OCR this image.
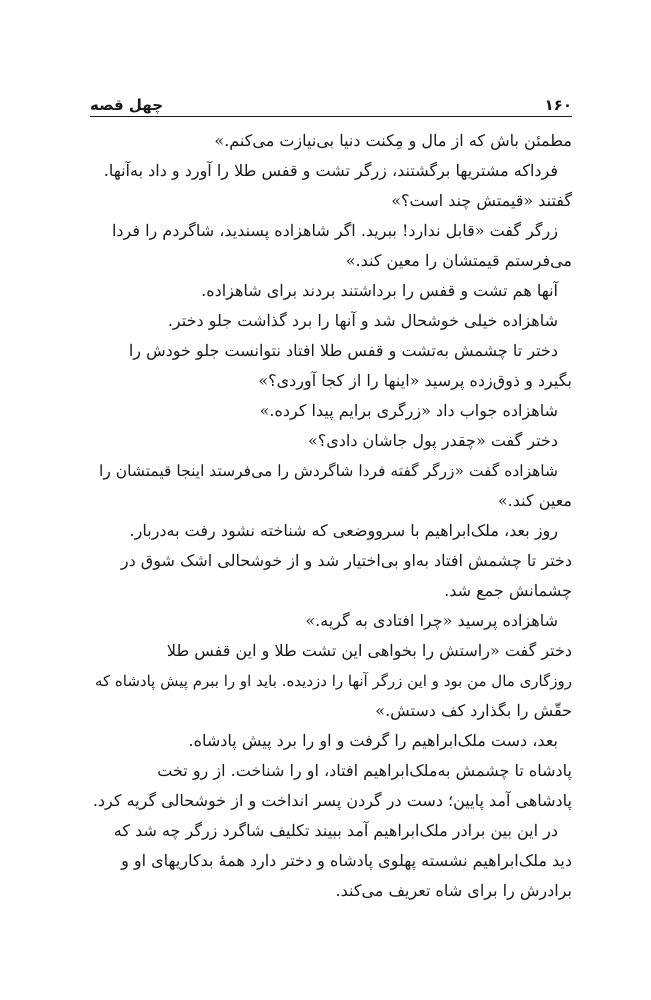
۱۶۰
چهل قصه
مطمئن باش که از مال و مِکنت دنیا بی‌نیازت می‌کنم.»
فرداکه مشتریها برگشتند، زرگر تشت و قفس طلا را آورد و داد به‌آنها.
گفتند «قیمتش چند است؟»
زرگر گفت «قابل ندارد! ببرید. اگر شاهزاده پسندید، شاگردم را فردا
می‌فرستم قیمتشان را معین کند.»
آنها هم تشت و قفس را برداشتند بردند برای شاهزاده.
شاهزاده خیلی خوشحال شد و آنها را برد گذاشت جلو دختر.
دختر تا چشمش به‌تشت و قفس طلا افتاد نتوانست جلو خودش را
بگیرد و ذوق‌زده پرسید «اینها را از کجا آوردی؟»
شاهزاده جواب داد «زرگری برایم پیدا کرده.»
دختر گفت «چقدر پول جاشان دادی؟»
شاهزاده گفت «زرگر گفته فردا شاگردش را می‌فرستد اینجا قیمتشان را
معین کند.»
روز بعد، ملک‌ابراهیم با سرووضعی که شناخته نشود رفت به‌دربار.
دختر تا چشمش افتاد به‌او بی‌اختیار شد و از خوشحالی اشک شوق در
چشمانش جمع شد.
شاهزاده پرسید «چرا افتادی به گریه.»
دختر گفت «راستش را بخواهی این تشت طلا و این قفس طلا
روزگاری مال من بود و این زرگر آنها را دزدیده. باید او را ببرم پیش پادشاه که
حقّش را بگذارد کف دستش.»
بعد، دست ملک‌ابراهیم را گرفت و او را برد پیش پادشاه.
پادشاه تا چشمش به‌ملک‌ابراهیم افتاد، او را شناخت. از رو تخت
پادشاهی آمد پایین؛ دست در گردن پسر انداخت و از خوشحالی گریه کرد.
در این بین برادر ملک‌ابراهیم آمد ببیند تکلیف شاگرد زرگر چه شد که
دید ملک‌ابراهیم نشسته پهلوی پادشاه و دختر دارد همهٔ بدکاریهای او و
برادرش را برای شاه تعریف می‌کند.
